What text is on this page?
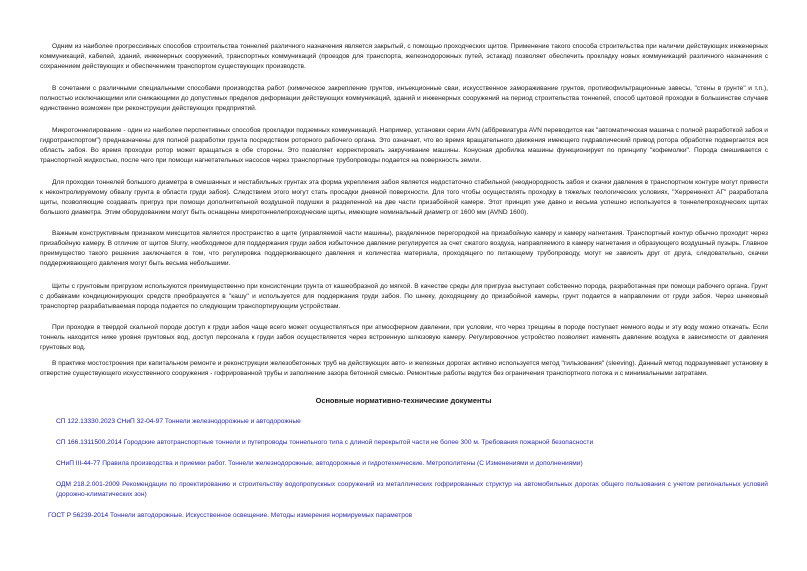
Одним из наиболее прогрессивных способов строительства тоннелей различного назначения является закрытый, с помощью проходческих щитов. Применение такого способа строительства при наличии действующих инженерных коммуникаций, кабелей, зданий, инженерных сооружений, транспортных коммуникаций (проездов для транспорта, железнодорожных путей, эстакад) позволяет обеспечить прокладку новых коммуникаций различного назначения с сохранением действующих и обеспечением транспортом существующих производств.

В сочетании с различными специальными способами производства работ (химическое закрепление грунтов, инъекционные сваи, искусственное замораживание грунтов, противофильтрационные завесы, "стены в грунте" и т.п.), полностью исключающими или снижающими до допустимых пределов деформации действующих коммуникаций, зданий и инженерных сооружений на период строительства тоннелей, способ щитовой проходки в большинстве случаев единственно возможен при реконструкции действующих предприятий.

Микротоннелирование - один из наиболее перспективных способов прокладки подземных коммуникаций. Например, установки серии AVN (аббревиатура AVN переводится как "автоматическая машина с полной разработкой забоя и гидротранспортом") предназначены для полной разработки грунта посредством роторного рабочего органа. Это означает, что во время вращательного движения имеющего гидравлический привод ротора обработке подвергается вся область забоя. Во время проходки ротор может вращаться в обе стороны. Это позволяет корректировать закручивание машины. Конусная дробилка машины функционирует по принципу "кофемолки". Порода смешивается с транспортной жидкостью, после чего при помощи нагнетательных насосов через транспортные трубопроводы подается на поверхность земли.

Для проходки тоннелей большого диаметра в смешанных и нестабильных грунтах эта форма укрепления забоя является недостаточно стабильной (неоднородность забоя и скачки давления в транспортном контуре могут привести к неконтролируемому обвалу грунта в области груди забоя). Следствием этого могут стать просадки дневной поверхности. Для того чтобы осуществлять проходку в тяжелых геологических условиях, "Херренкнехт АГ" разработала щиты, позволяющие создавать пригруз при помощи дополнительной воздушной подушки в разделенной на две части призабойной камере. Этот принцип уже давно и весьма успешно используется в тоннелепроходческих щитах большого диаметра. Этим оборудованием могут быть оснащены микротоннелепроходческие щиты, имеющие номинальный диаметр от 1600 мм (AVND 1600).

Важным конструктивным признаком миксщитов является пространство в щите (управляемой части машины), разделенное перегородкой на призабойную камеру и камеру нагнетания. Транспортный контур обычно проходит через призабойную камеру. В отличие от щитов Slurry, необходимое для поддержания груди забоя избыточное давление регулируется за счет сжатого воздуха, направляемого в камеру нагнетания и образующего воздушный пузырь. Главное преимущество такого решения заключается в том, что регулировка поддерживающего давления и количества материала, проходящего по питающему трубопроводу, могут не зависеть друг от друга, следовательно, скачки поддерживающего давления могут быть весьма небольшими.

Щиты с грунтовым пригрузом используются преимущественно при консистенции грунта от кашеобразной до мягкой. В качестве среды для пригруза выступает собственно порода, разработанная при помощи рабочего органа. Грунт с добавками кондиционирующих средств преобразуется в "кашу" и используется для поддержания груди забоя. По шнеку, доходящему до призабойной камеры, грунт подается в направлении от груди забоя. Через шнековый транспортер разрабатываемая порода подается по следующим транспортирующим устройствам.

При проходке в твердой скальной породе доступ к груди забоя чаще всего может осуществляться при атмосферном давлении, при условии, что через трещины в породе поступает немного воды и эту воду можно откачать. Если тоннель находится ниже уровня грунтовых вод, доступ персонала к груди забоя осуществляется через встроенную шлюзовую камеру. Регулировочное устройство позволяет изменять давление воздуха в зависимости от давления грунтовых вод.

В практике мостостроения при капитальном ремонте и реконструкции железобетонных труб на действующих авто- и железных дорогах активно используется метод "гильзования" (sleeving). Данный метод подразумевает установку в отверстие существующего искусственного сооружения - гофрированной трубы и заполнение зазора бетонной смесью. Ремонтные работы ведутся без ограничения транспортного потока и с минимальными затратами.

Основные нормативно-технические документы

СП 122.13330.2023 СНиП 32-04-97 Тоннели железнодорожные и автодорожные

СП 166.1311500.2014 Городские автотранспортные тоннели и путепроводы тоннельного типа с длиной перекрытой части не более 300 м. Требования пожарной безопасности

СНиП III-44-77 Правила производства и приемки работ. Тоннели железнодорожные, автодорожные и гидротехнические. Метрополитены (С Изменениями и дополнениями)

ОДМ 218.2.001-2009 Рекомендации по проектированию и строительству водопропускных сооружений из металлических гофрированных структур на автомобильных дорогах общего пользования с учетом региональных условий (дорожно-климатических зон)

ГОСТ Р 56239-2014 Тоннели автодорожные. Искусственное освещение. Методы измерения нормируемых параметров
